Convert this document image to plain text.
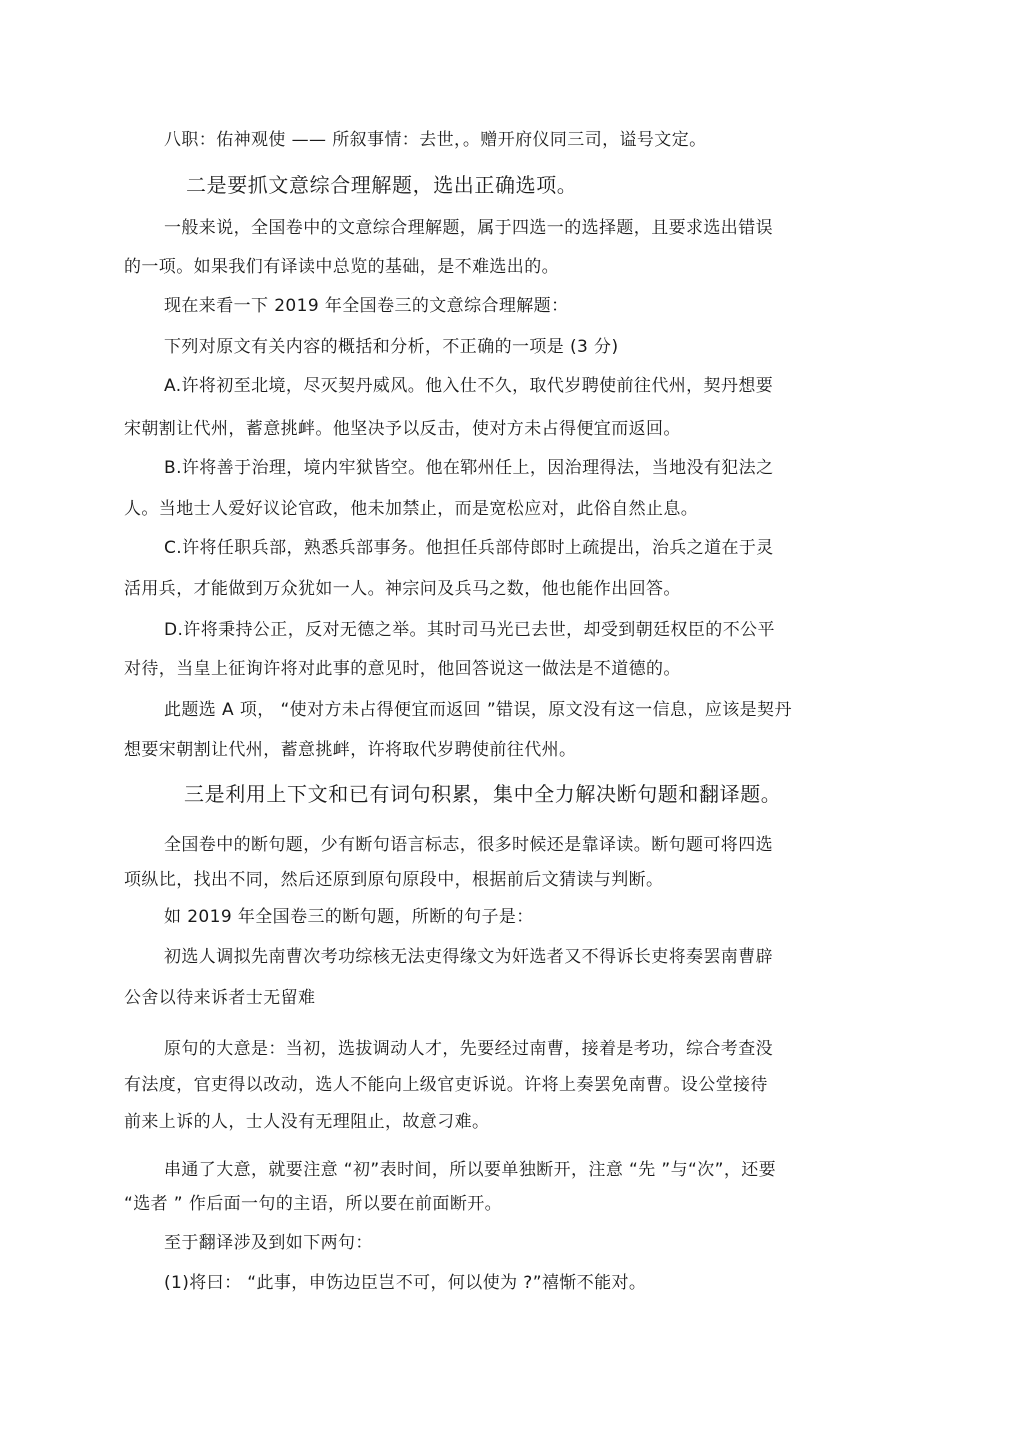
八职：佑神观使 —— 所叙事情：去世，。赠开府仪同三司，谥号文定。
二是要抓文意综合理解题，选出正确选项。
一般来说，全国卷中的文意综合理解题，属于四选一的选择题，且要求选出错误
的一项。如果我们有译读中总览的基础，是不难选出的。
现在来看一下 2019 年全国卷三的文意综合理解题：
下列对原文有关内容的概括和分析，不正确的一项是 (3 分)
A.许将初至北境，尽灭契丹威风。他入仕不久，取代岁聘使前往代州，契丹想要
宋朝割让代州，蓄意挑衅。他坚决予以反击，使对方未占得便宜而返回。
B.许将善于治理，境内牢狱皆空。他在郓州任上，因治理得法，当地没有犯法之
人。当地士人爱好议论官政，他未加禁止，而是宽松应对，此俗自然止息。
C.许将任职兵部，熟悉兵部事务。他担任兵部侍郎时上疏提出，治兵之道在于灵
活用兵，才能做到万众犹如一人。神宗问及兵马之数，他也能作出回答。
D.许将秉持公正，反对无德之举。其时司马光已去世，却受到朝廷权臣的不公平
对待，当皇上征询许将对此事的意见时，他回答说这一做法是不道德的。
此题选 A 项， “使对方未占得便宜而返回 ”错误，原文没有这一信息，应该是契丹
想要宋朝割让代州，蓄意挑衅，许将取代岁聘使前往代州。
三是利用上下文和已有词句积累，集中全力解决断句题和翻译题。
全国卷中的断句题，少有断句语言标志，很多时候还是靠译读。断句题可将四选
项纵比，找出不同，然后还原到原句原段中，根据前后文猜读与判断。
如 2019 年全国卷三的断句题，所断的句子是：
初选人调拟先南曹次考功综核无法吏得缘文为奸选者又不得诉长吏将奏罢南曹辟
公舍以待来诉者士无留难
原句的大意是：当初，选拔调动人才，先要经过南曹，接着是考功，综合考查没
有法度，官吏得以改动，选人不能向上级官吏诉说。许将上奏罢免南曹。设公堂接待
前来上诉的人，士人没有无理阻止，故意刁难。
串通了大意，就要注意 “初”表时间，所以要单独断开，注意 “先 ”与“次”，还要
“选者 ” 作后面一句的主语，所以要在前面断开。
至于翻译涉及到如下两句：
(1)将曰： “此事，申饬边臣岂不可，何以使为 ?”禧惭不能对。
